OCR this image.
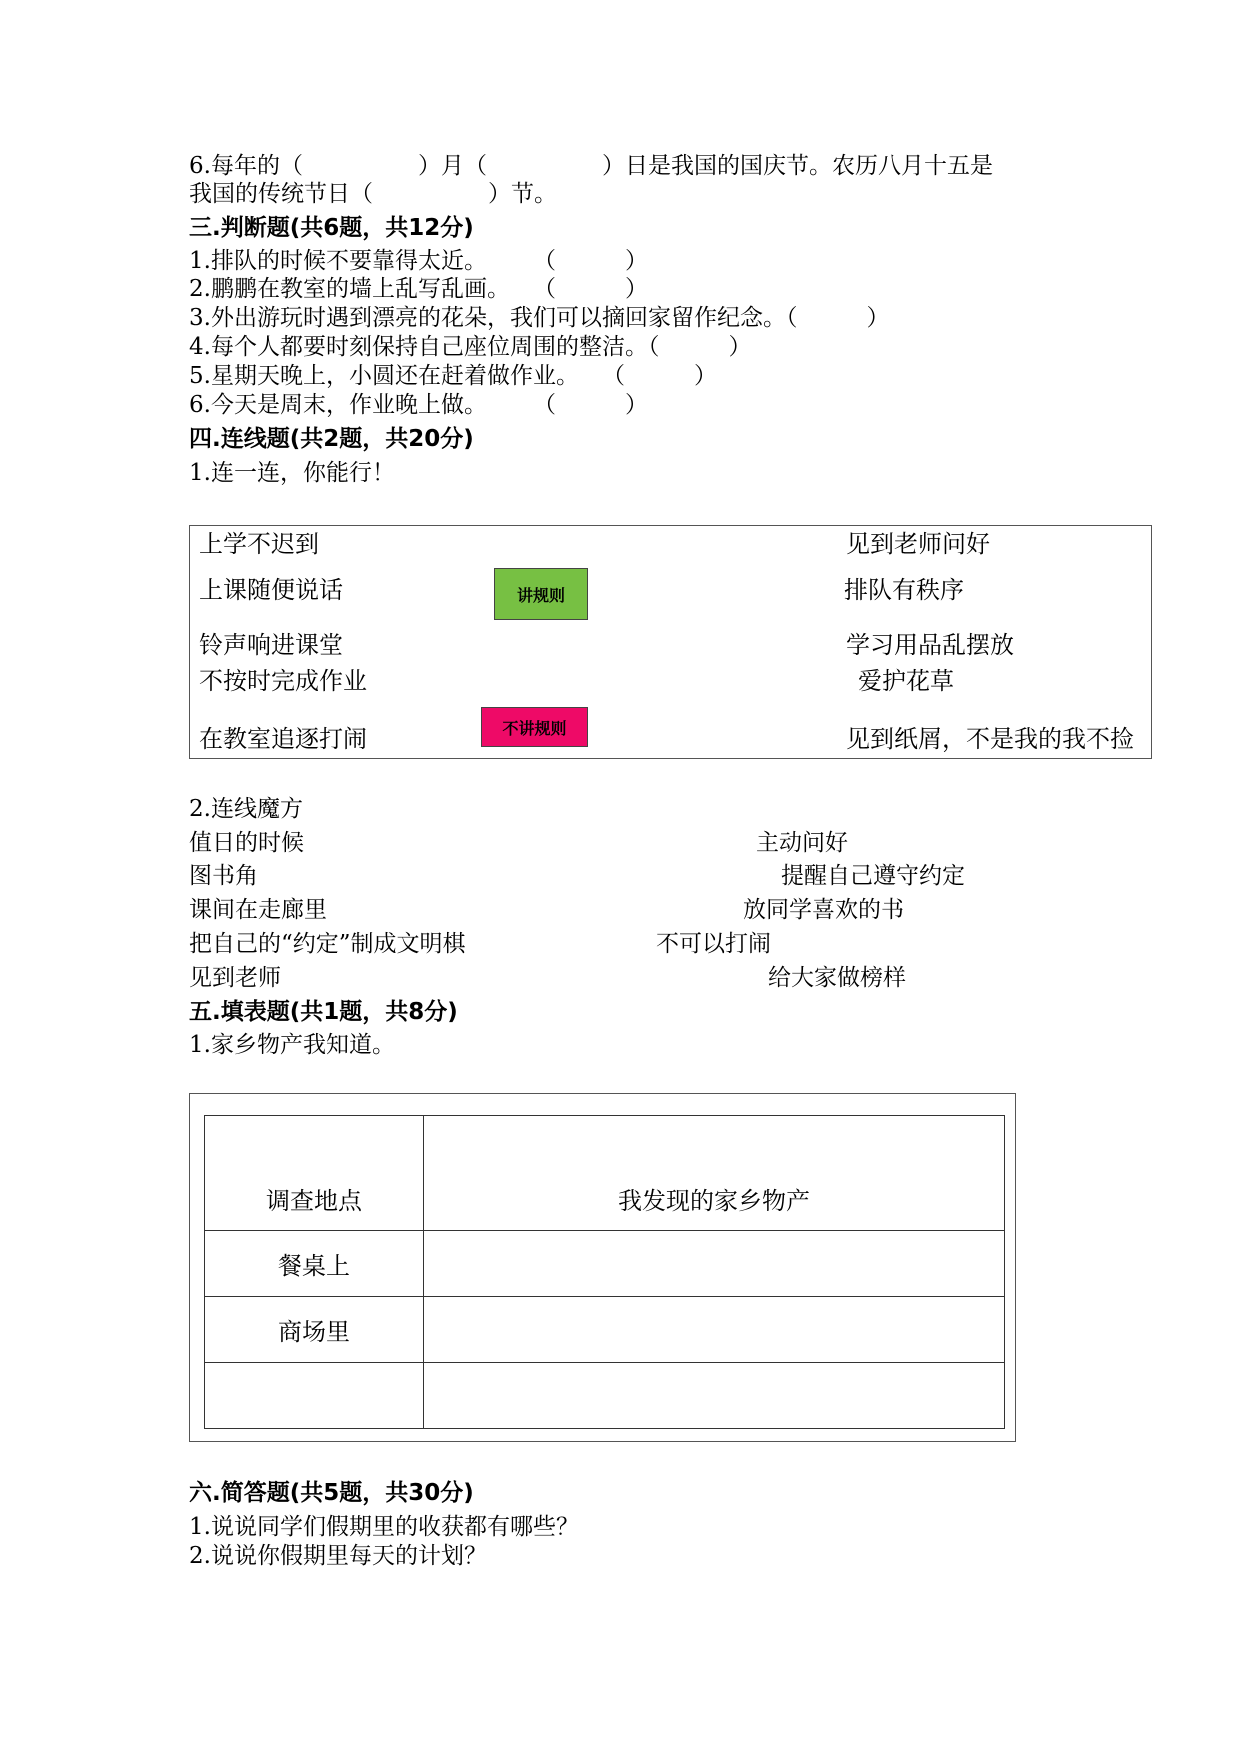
6.每年的（　　　　　）月（　　　　　）日是我国的国庆节。农历八月十五是
我国的传统节日（　　　　　）节。
三.判断题(共6题，共12分)
1.排队的时候不要靠得太近。　　　（　　　）
2.鹏鹏在教室的墙上乱写乱画。　　（　　　）
3.外出游玩时遇到漂亮的花朵，我们可以摘回家留作纪念。（　　　）
4.每个人都要时刻保持自己座位周围的整洁。（　　　）
5.星期天晚上，小圆还在赶着做作业。　　（　　　）
6.今天是周末，作业晚上做。　　　（　　　）
四.连线题(共2题，共20分)
1.连一连，你能行！
上学不迟到
上课随便说话
铃声响进课堂
不按时完成作业
在教室追逐打闹
讲规则
不讲规则
见到老师问好
排队有秩序
学习用品乱摆放
爱护花草
见到纸屑，不是我的我不捡
2.连线魔方
值日的时候
图书角
课间在走廊里
把自己的“约定”制成文明棋
见到老师
主动问好
提醒自己遵守约定
放同学喜欢的书
不可以打闹
给大家做榜样
五.填表题(共1题，共8分)
1.家乡物产我知道。
调查地点	我发现的家乡物产
餐桌上	
商场里	

六.简答题(共5题，共30分)
1.说说同学们假期里的收获都有哪些？
2.说说你假期里每天的计划？
